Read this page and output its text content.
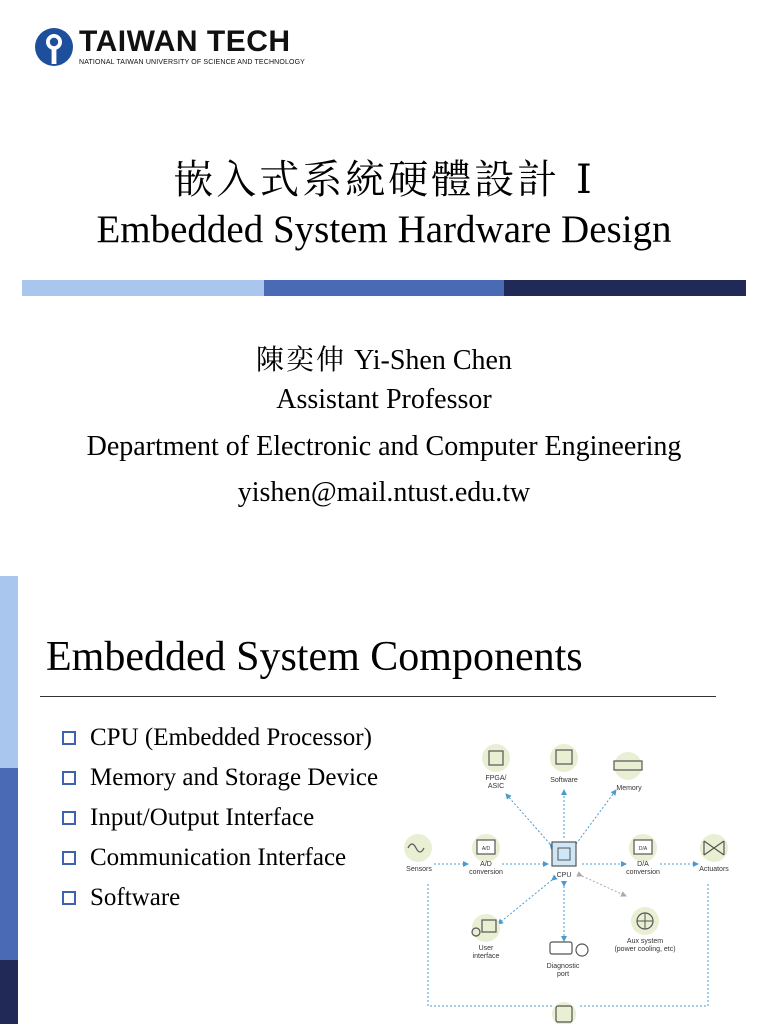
TAIWAN TECH
NATIONAL TAIWAN UNIVERSITY OF SCIENCE AND TECHNOLOGY
嵌入式系統硬體設計 I
Embedded System Hardware Design
陳奕伸 Yi-Shen Chen
Assistant Professor
Department of Electronic and Computer Engineering
yishen@mail.ntust.edu.tw
Embedded System Components
CPU (Embedded Processor)
Memory and Storage Device
Input/Output Interface
Communication Interface
Software
FPGA/
ASIC
Software
Memory
Sensors
A/D
A/D
conversion	CPU
D/A
D/A
conversion	Actuators
User
interface
Diagnostic
port
Aux system
(power cooling, etc)
